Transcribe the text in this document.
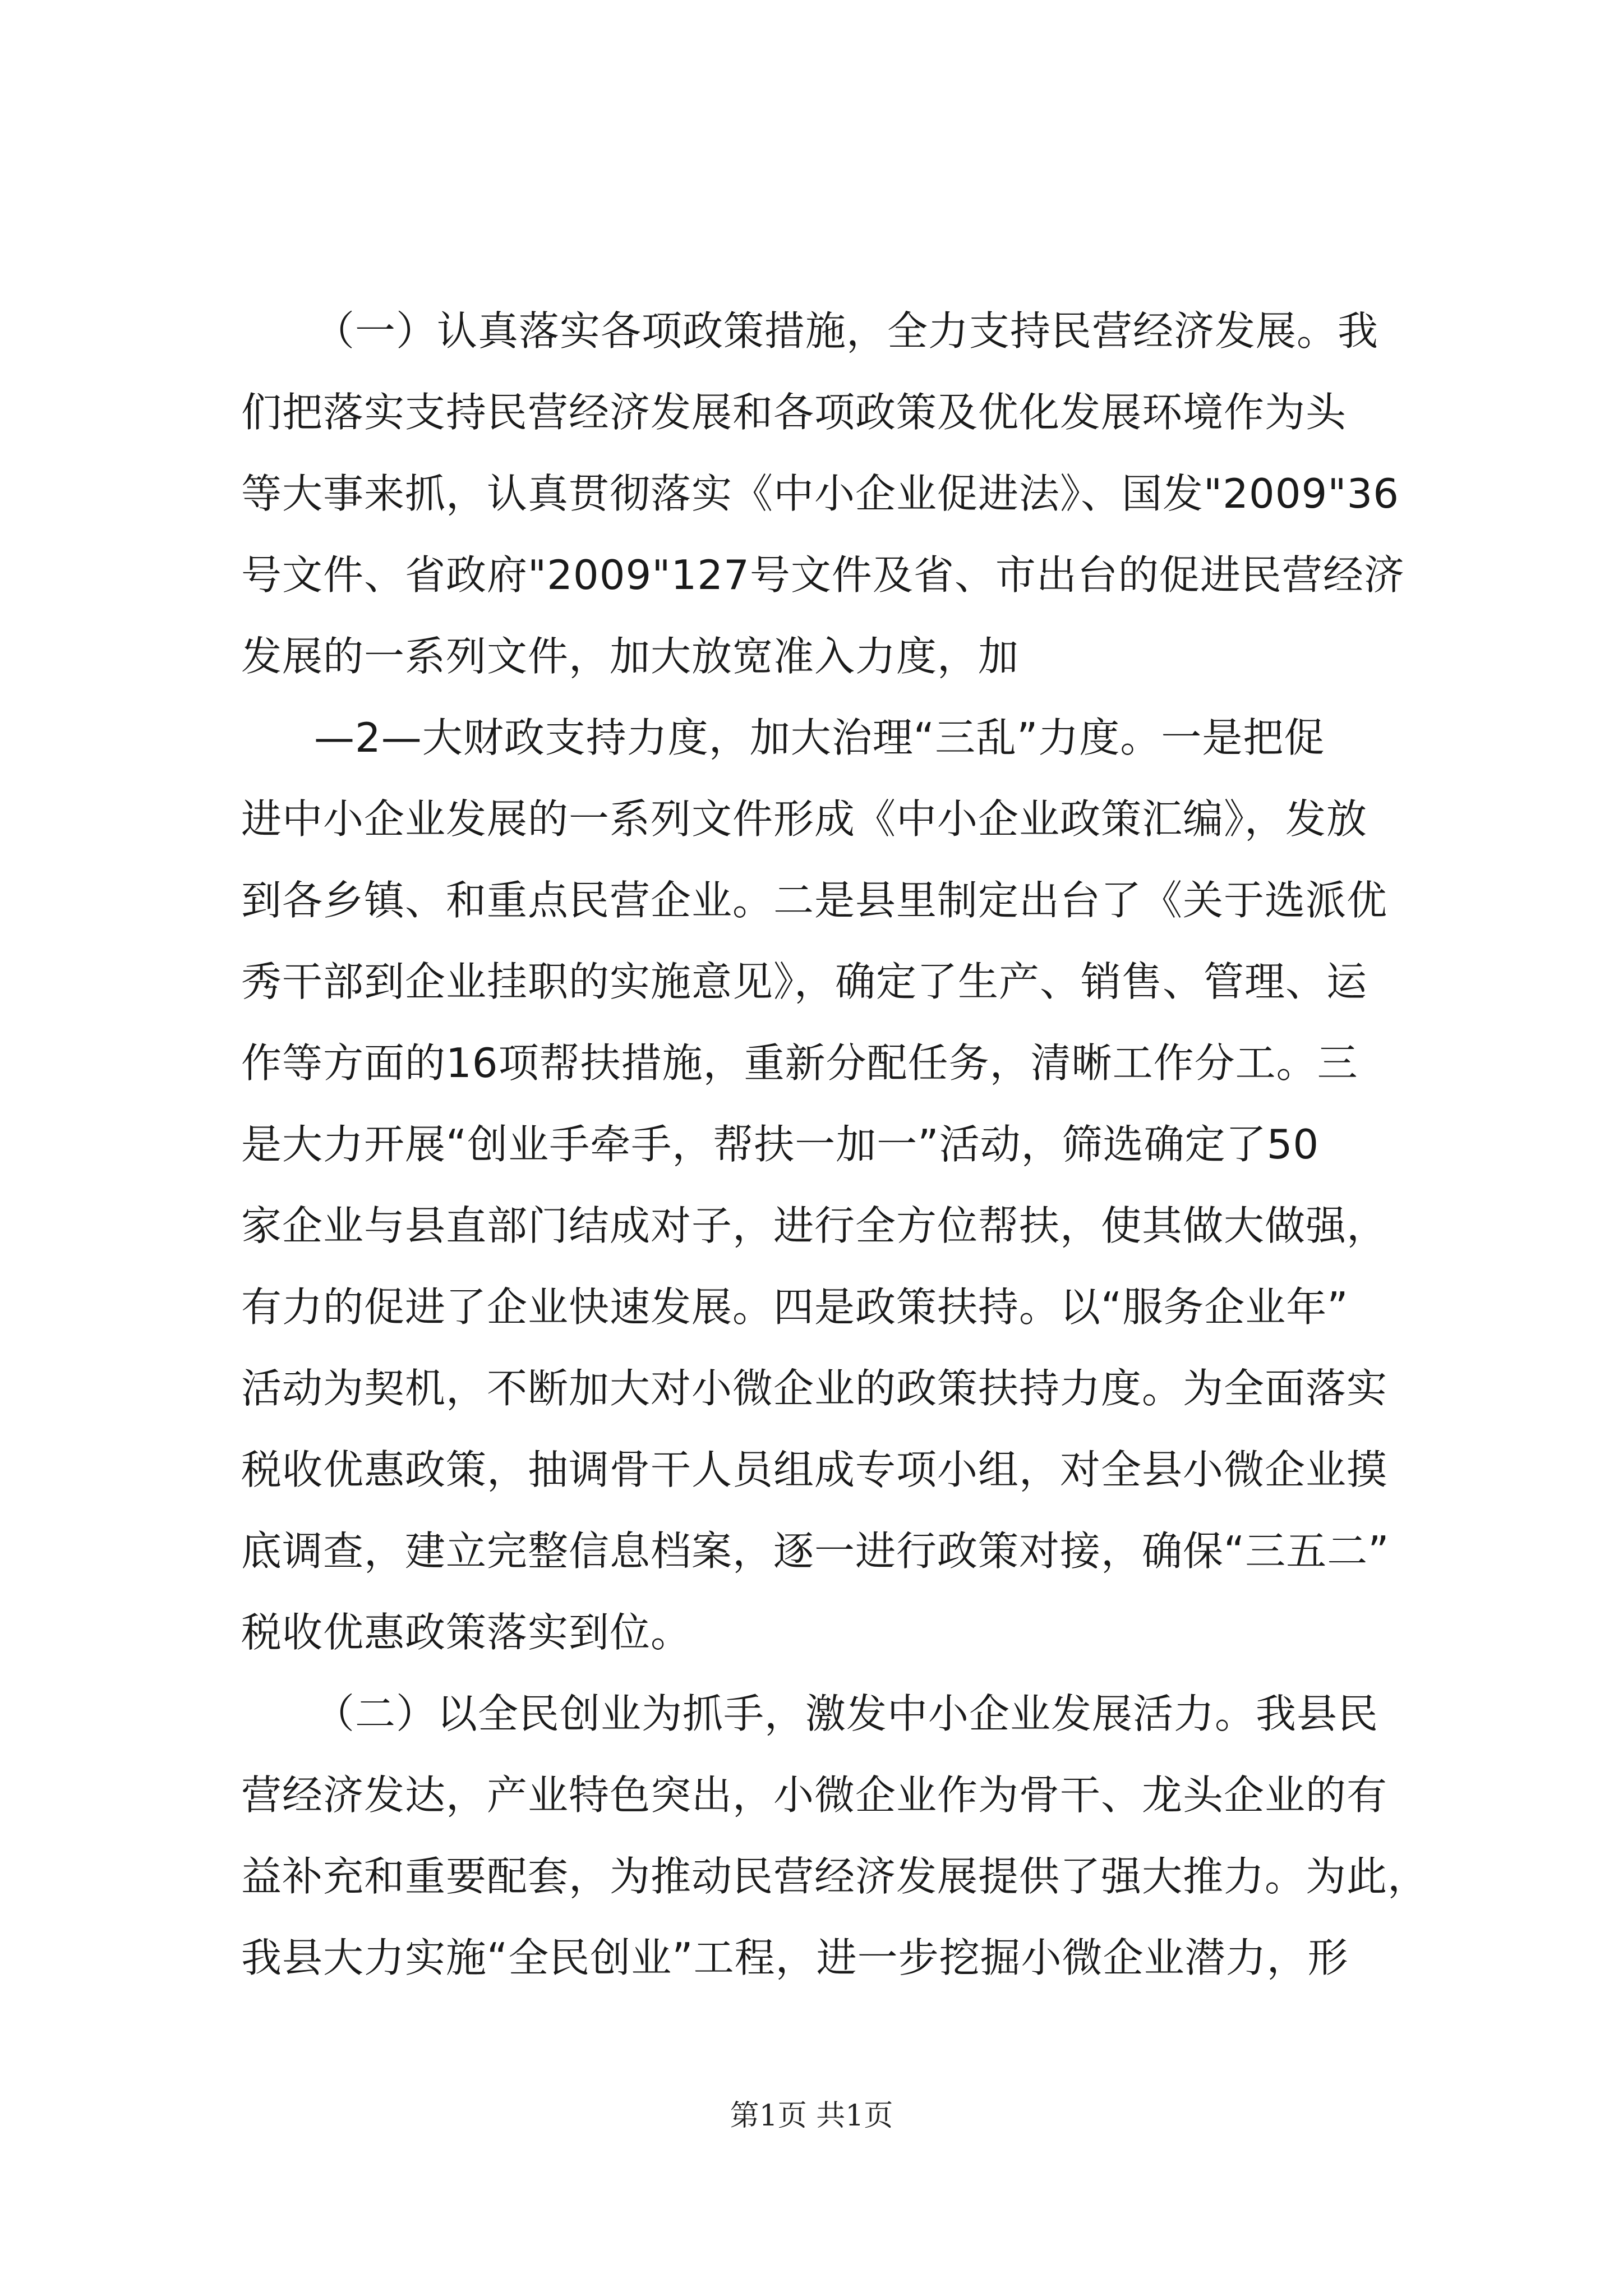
（一）认真落实各项政策措施，全力支持民营经济发展。我
们把落实支持民营经济发展和各项政策及优化发展环境作为头
等大事来抓，认真贯彻落实《中小企业促进法》、国发"2009"36
号文件、省政府"2009"127号文件及省、市出台的促进民营经济
发展的一系列文件，加大放宽准入力度，加
—2—大财政支持力度，加大治理“三乱”力度。一是把促
进中小企业发展的一系列文件形成《中小企业政策汇编》，发放
到各乡镇、和重点民营企业。二是县里制定出台了《关于选派优
秀干部到企业挂职的实施意见》，确定了生产、销售、管理、运
作等方面的16项帮扶措施，重新分配任务，清晰工作分工。三
是大力开展“创业手牵手，帮扶一加一”活动，筛选确定了50
家企业与县直部门结成对子，进行全方位帮扶，使其做大做强，
有力的促进了企业快速发展。四是政策扶持。以“服务企业年”
活动为契机，不断加大对小微企业的政策扶持力度。为全面落实
税收优惠政策，抽调骨干人员组成专项小组，对全县小微企业摸
底调查，建立完整信息档案，逐一进行政策对接，确保“三五二”
税收优惠政策落实到位。
（二）以全民创业为抓手，激发中小企业发展活力。我县民
营经济发达，产业特色突出，小微企业作为骨干、龙头企业的有
益补充和重要配套，为推动民营经济发展提供了强大推力。为此，
我县大力实施“全民创业”工程，进一步挖掘小微企业潜力，形
第1页 共1页
